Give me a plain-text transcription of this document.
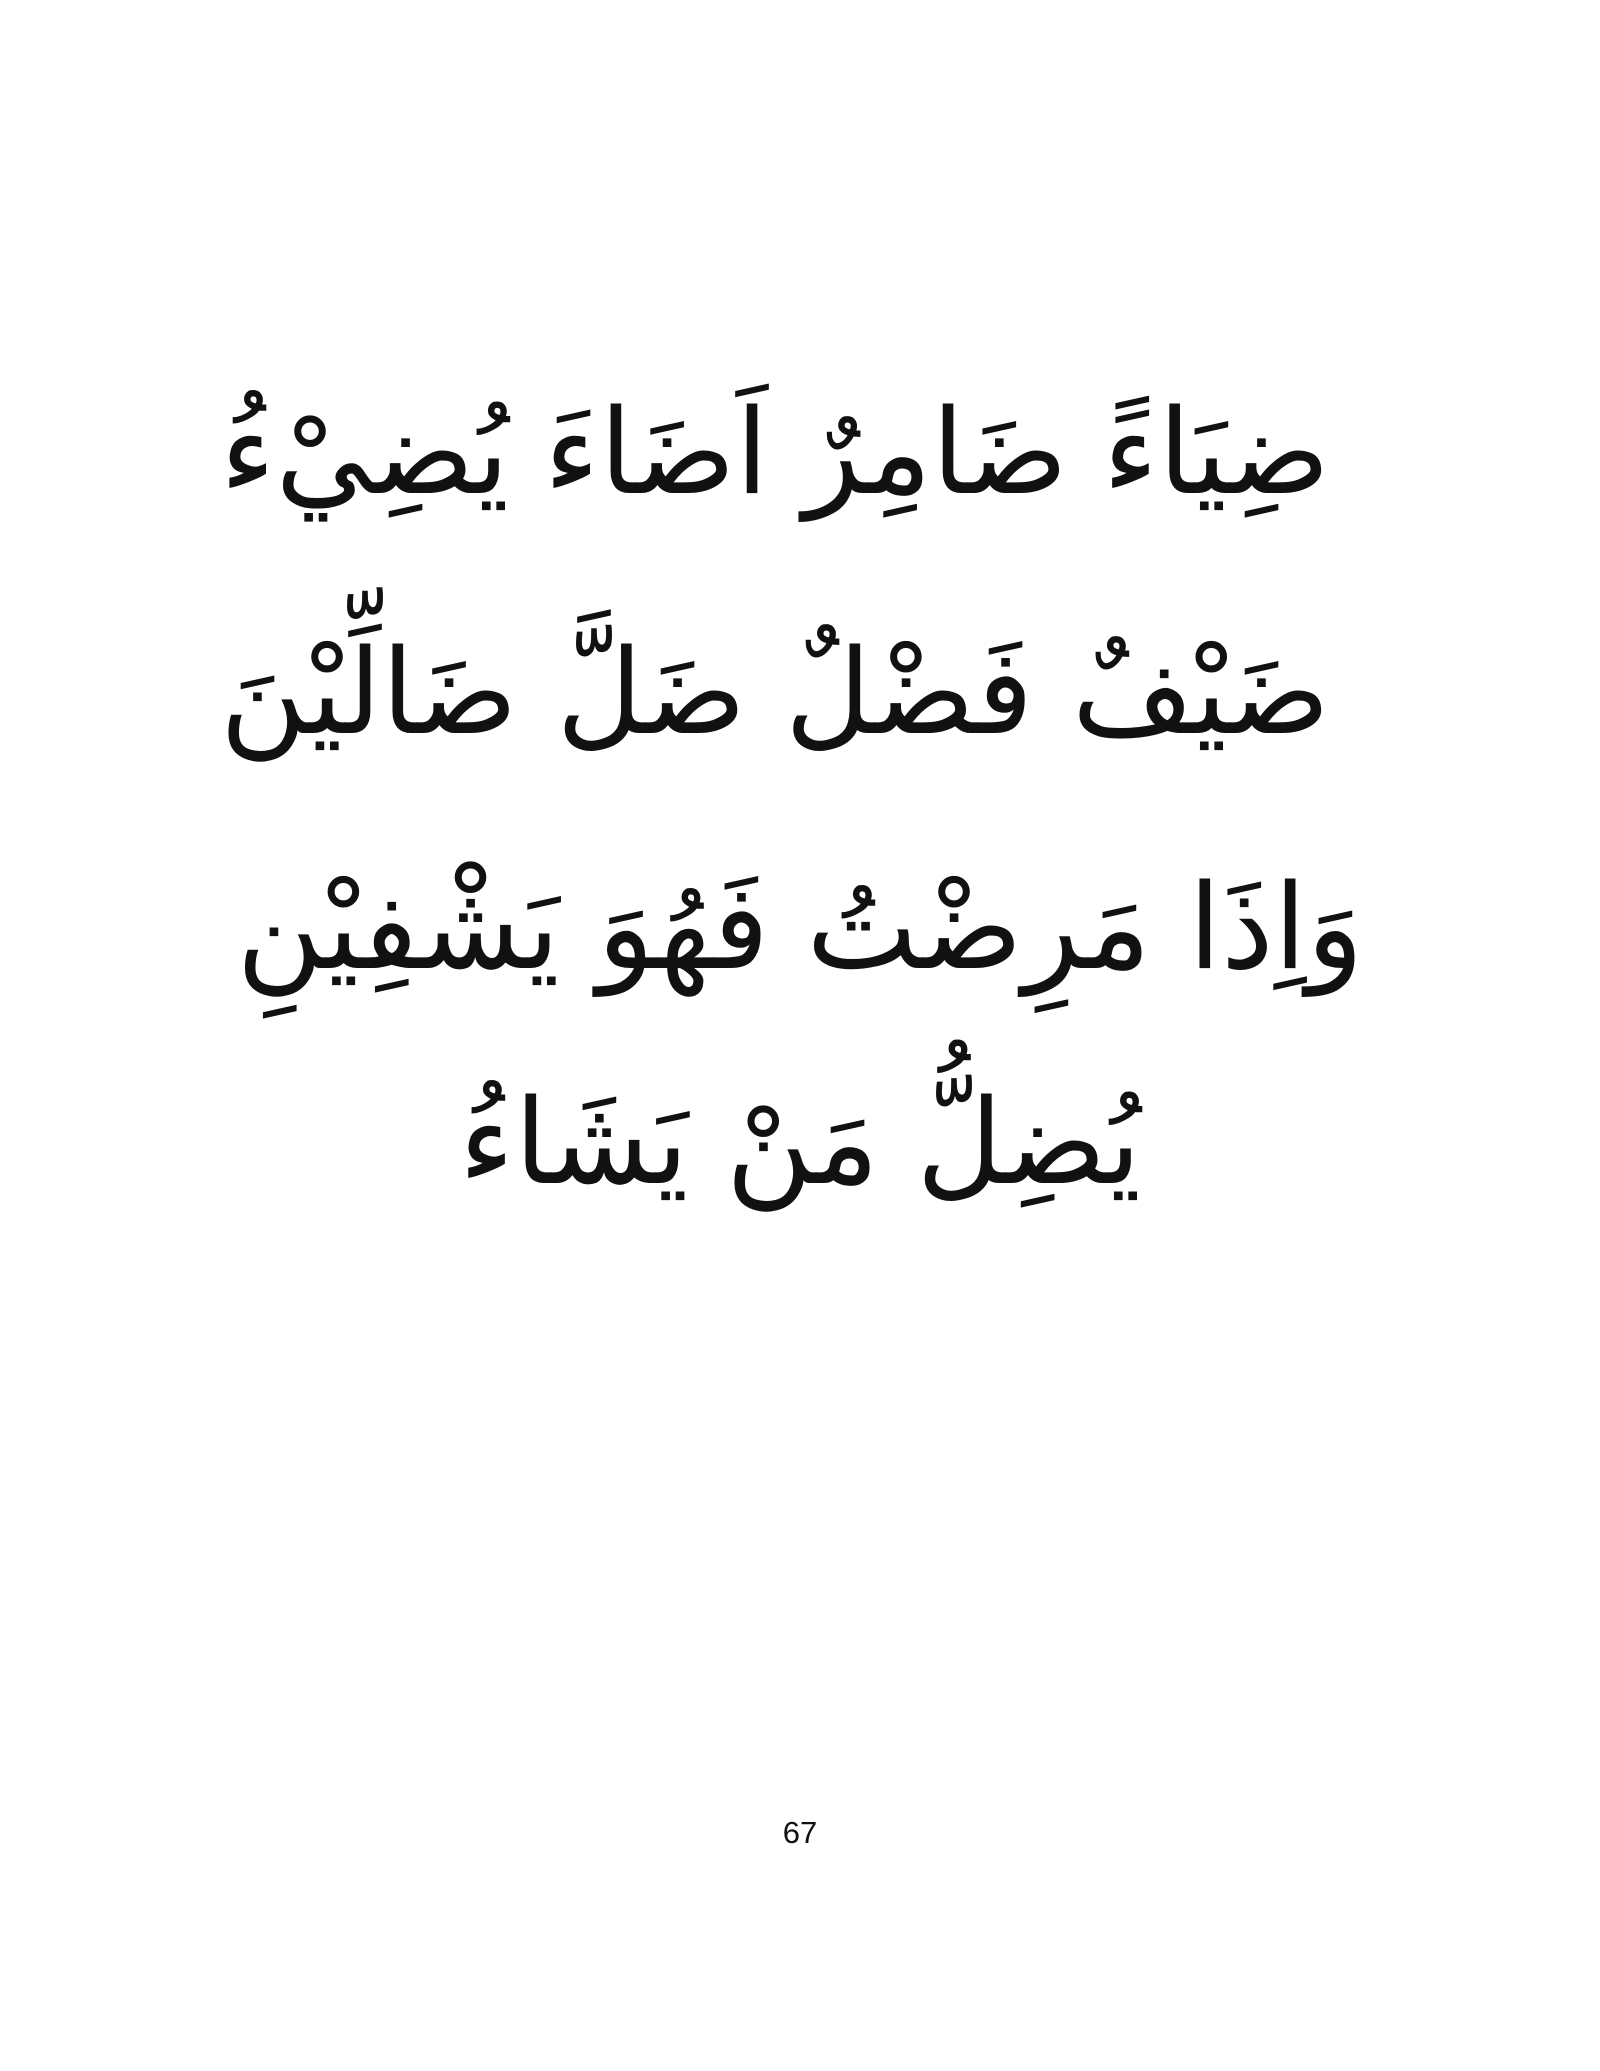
ضِيَاءً
ضَامِرٌ
اَضَاءَ
يُضِيْءُ
ضَيْفٌ
فَضْلٌ
ضَلَّ
ضَالِّيْنَ
وَاِذَا مَرِضْتُ فَهُوَ يَشْفِيْنِ
يُضِلُّ مَنْ يَشَاءُ
67
